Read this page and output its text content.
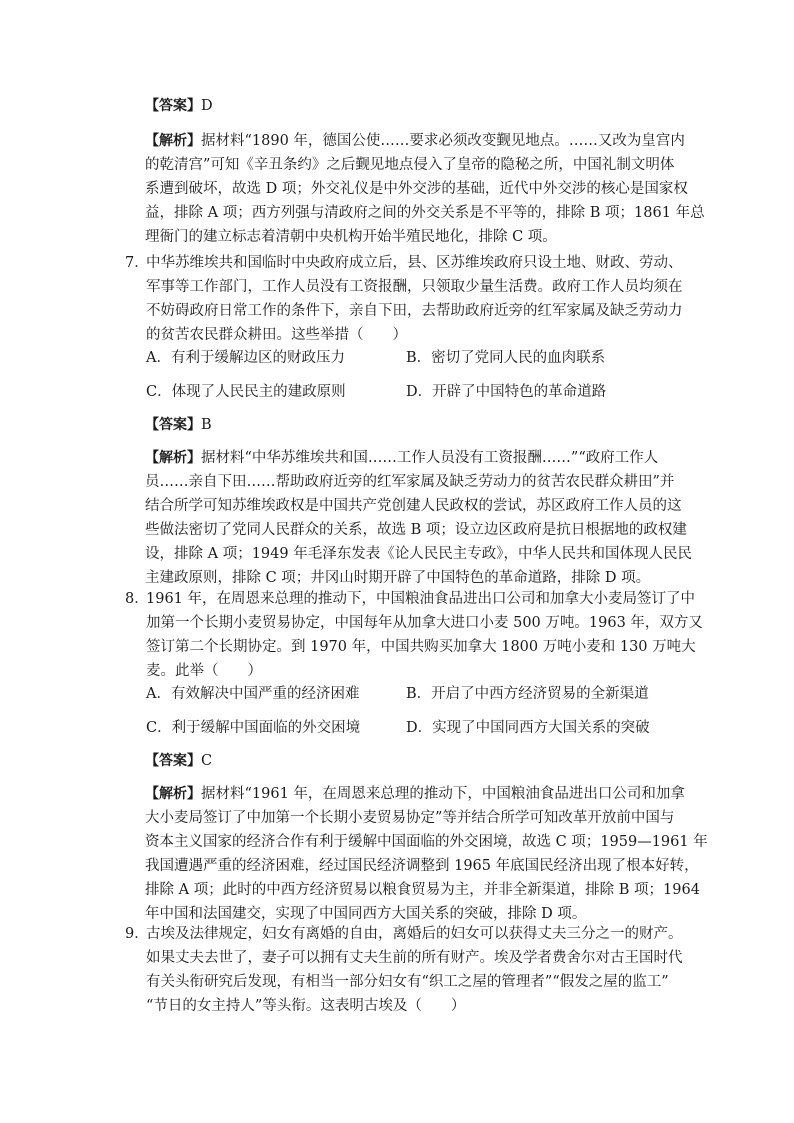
【答案】D
【解析】据材料“1890 年，德国公使……要求必须改变觐见地点。……又改为皇宫内
的乾清宫”可知《辛丑条约》之后觐见地点侵入了皇帝的隐秘之所，中国礼制文明体
系遭到破坏，故选 D 项；外交礼仪是中外交涉的基础，近代中外交涉的核心是国家权
益，排除 A 项；西方列强与清政府之间的外交关系是不平等的，排除 B 项；1861 年总
理衙门的建立标志着清朝中央机构开始半殖民地化，排除 C 项。
7．
中华苏维埃共和国临时中央政府成立后，县、区苏维埃政府只设土地、财政、劳动、
军事等工作部门，工作人员没有工资报酬，只领取少量生活费。政府工作人员均须在
不妨碍政府日常工作的条件下，亲自下田，去帮助政府近旁的红军家属及缺乏劳动力
的贫苦农民群众耕田。这些举措（　　）
A．有利于缓解边区的财政压力	B．密切了党同人民的血肉联系
C．体现了人民民主的建政原则	D．开辟了中国特色的革命道路
【答案】B
【解析】据材料“中华苏维埃共和国……工作人员没有工资报酬……”“政府工作人
员……亲自下田……帮助政府近旁的红军家属及缺乏劳动力的贫苦农民群众耕田”并
结合所学可知苏维埃政权是中国共产党创建人民政权的尝试，苏区政府工作人员的这
些做法密切了党同人民群众的关系，故选 B 项；设立边区政府是抗日根据地的政权建
设，排除 A 项；1949 年毛泽东发表《论人民民主专政》，中华人民共和国体现人民民
主建政原则，排除 C 项；井冈山时期开辟了中国特色的革命道路，排除 D 项。
8．
1961 年，在周恩来总理的推动下，中国粮油食品进出口公司和加拿大小麦局签订了中
加第一个长期小麦贸易协定，中国每年从加拿大进口小麦 500 万吨。1963 年，双方又
签订第二个长期协定。到 1970 年，中国共购买加拿大 1800 万吨小麦和 130 万吨大
麦。此举（　　）
A．有效解决中国严重的经济困难	B．开启了中西方经济贸易的全新渠道
C．利于缓解中国面临的外交困境	D．实现了中国同西方大国关系的突破
【答案】C
【解析】据材料“1961 年，在周恩来总理的推动下，中国粮油食品进出口公司和加拿
大小麦局签订了中加第一个长期小麦贸易协定”等并结合所学可知改革开放前中国与
资本主义国家的经济合作有利于缓解中国面临的外交困境，故选 C 项；1959—1961 年
我国遭遇严重的经济困难，经过国民经济调整到 1965 年底国民经济出现了根本好转，
排除 A 项；此时的中西方经济贸易以粮食贸易为主，并非全新渠道，排除 B 项；1964
年中国和法国建交，实现了中国同西方大国关系的突破，排除 D 项。
9．
古埃及法律规定，妇女有离婚的自由，离婚后的妇女可以获得丈夫三分之一的财产。
如果丈夫去世了，妻子可以拥有丈夫生前的所有财产。埃及学者费舍尔对古王国时代
有关头衔研究后发现，有相当一部分妇女有“织工之屋的管理者”“假发之屋的监工”
“节日的女主持人”等头衔。这表明古埃及（　　）
